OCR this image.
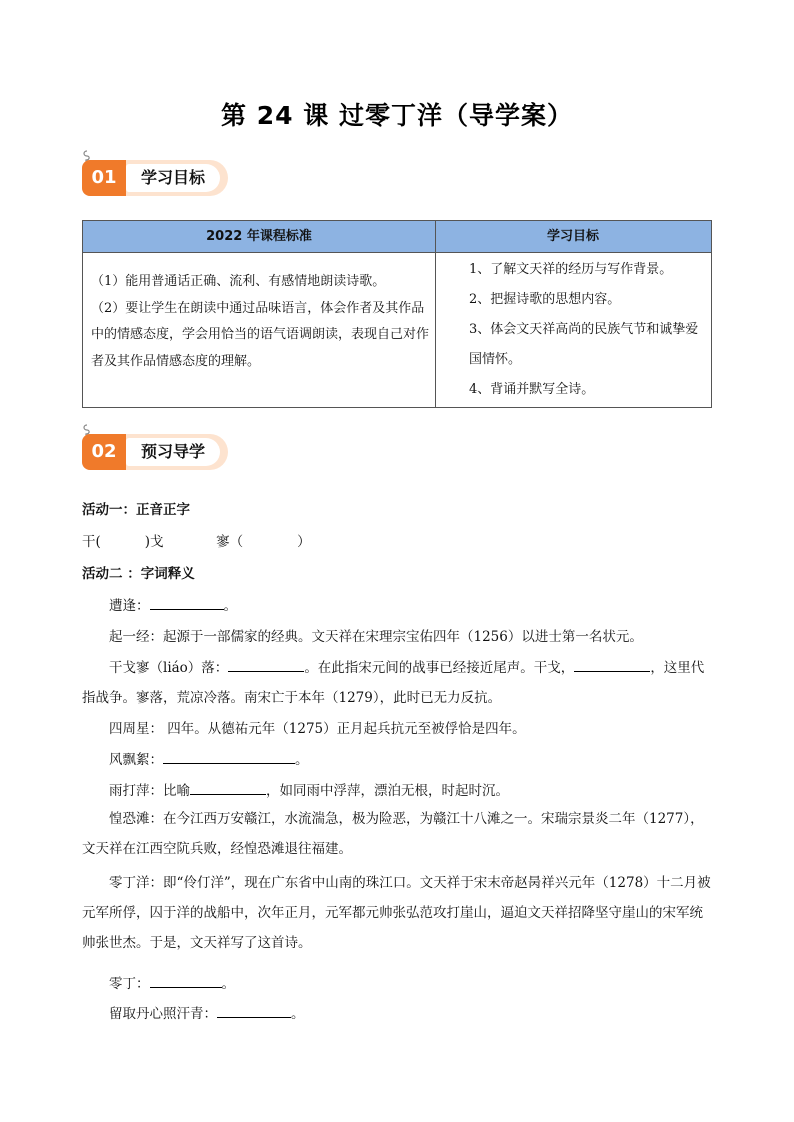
第 24 课 过零丁洋（导学案）
01	学习目标
2022 年课程标准	学习目标

（1）能用普通话正确、流利、有感情地朗读诗歌。

（2）要让学生在朗读中通过品味语言，体会作者及其作品中的情感态度，学会用恰当的语气语调朗读，表现自己对作者及其作品情感态度的理解。

1、了解文天祥的经历与写作背景。

2、把握诗歌的思想内容。

3、体会文天祥高尚的民族气节和诚挚爱国情怀。

4、背诵并默写全诗。

02	预习导学
活动一：正音正字
干(	)戈	寥（	）
活动二 ：字词释义
遭逢：	。
起一经：起源于一部儒家的经典。文天祥在宋理宗宝佑四年（1256）以进士第一名状元。
干戈寥（liáo）落：	。在此指宋元间的战事已经接近尾声。干戈，	，这里代
指战争。寥落，荒凉冷落。南宋亡于本年（1279），此时已无力反抗。
四周星： 四年。从德祐元年（1275）正月起兵抗元至被俘恰是四年。
风飘絮：	。
雨打萍：比喻	，如同雨中浮萍，漂泊无根，时起时沉。

惶恐滩：在今江西万安赣江，水流湍急，极为险恶，为赣江十八滩之一。宋瑞宗景炎二年（1277），文天祥在江西空阬兵败，经惶恐滩退往福建。

零丁洋：即“伶仃洋”，现在广东省中山南的珠江口。文天祥于宋末帝赵昺祥兴元年（1278）十二月被元军所俘，囚于洋的战船中，次年正月，元军都元帅张弘范攻打崖山，逼迫文天祥招降坚守崖山的宋军统帅张世杰。于是，文天祥写了这首诗。

零丁：	。
留取丹心照汗青：	。
